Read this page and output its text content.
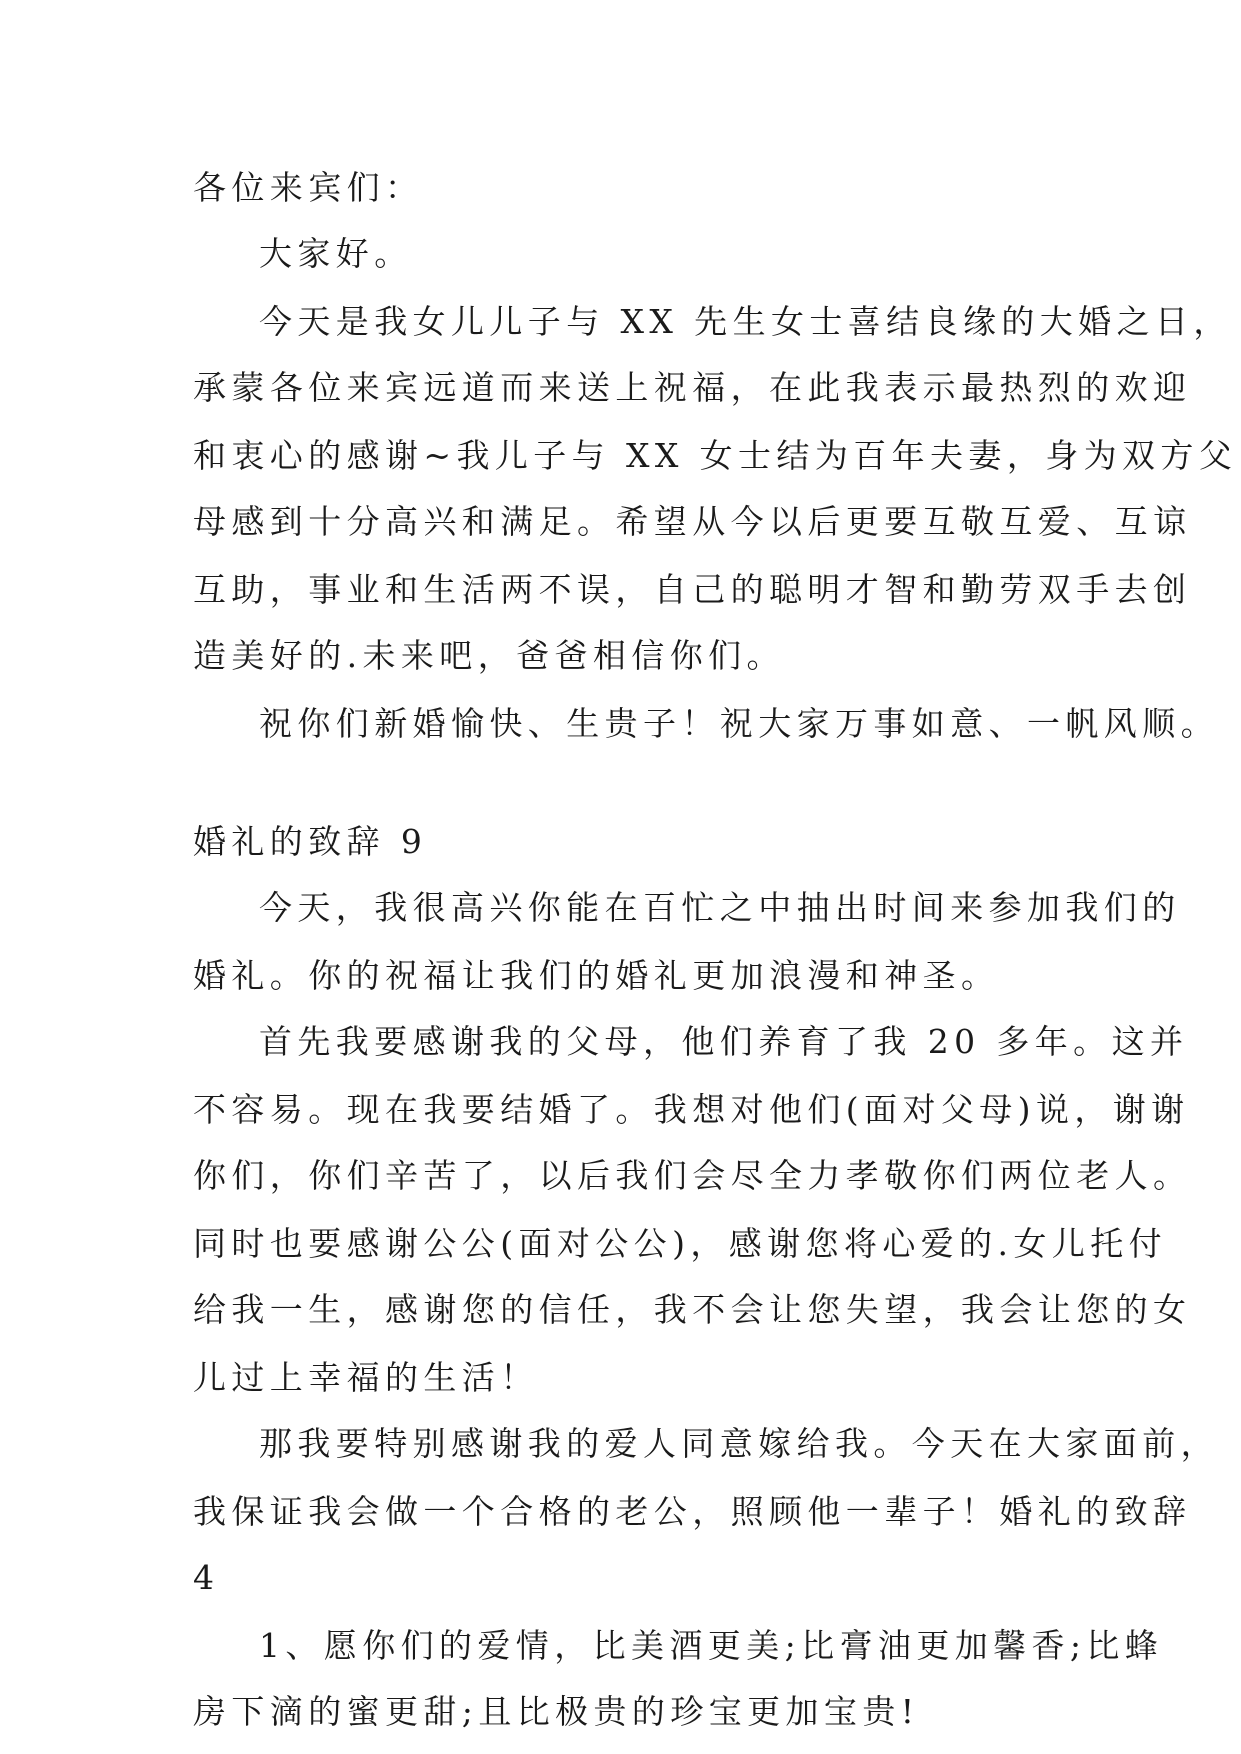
各位来宾们：
大家好。
今天是我女儿儿子与 XX 先生女士喜结良缘的大婚之日，
承蒙各位来宾远道而来送上祝福，在此我表示最热烈的欢迎
和衷心的感谢~我儿子与 XX 女士结为百年夫妻，身为双方父
母感到十分高兴和满足。希望从今以后更要互敬互爱、互谅
互助，事业和生活两不误，自己的聪明才智和勤劳双手去创
造美好的.未来吧，爸爸相信你们。
祝你们新婚愉快、生贵子！祝大家万事如意、一帆风顺。
婚礼的致辞 9
今天，我很高兴你能在百忙之中抽出时间来参加我们的
婚礼。你的祝福让我们的婚礼更加浪漫和神圣。
首先我要感谢我的父母，他们养育了我 20 多年。这并
不容易。现在我要结婚了。我想对他们(面对父母)说，谢谢
你们，你们辛苦了，以后我们会尽全力孝敬你们两位老人。
同时也要感谢公公(面对公公)，感谢您将心爱的.女儿托付
给我一生，感谢您的信任，我不会让您失望，我会让您的女
儿过上幸福的生活！
那我要特别感谢我的爱人同意嫁给我。今天在大家面前，
我保证我会做一个合格的老公，照顾他一辈子！婚礼的致辞
4
1、愿你们的爱情，比美酒更美;比膏油更加馨香;比蜂
房下滴的蜜更甜;且比极贵的珍宝更加宝贵!
